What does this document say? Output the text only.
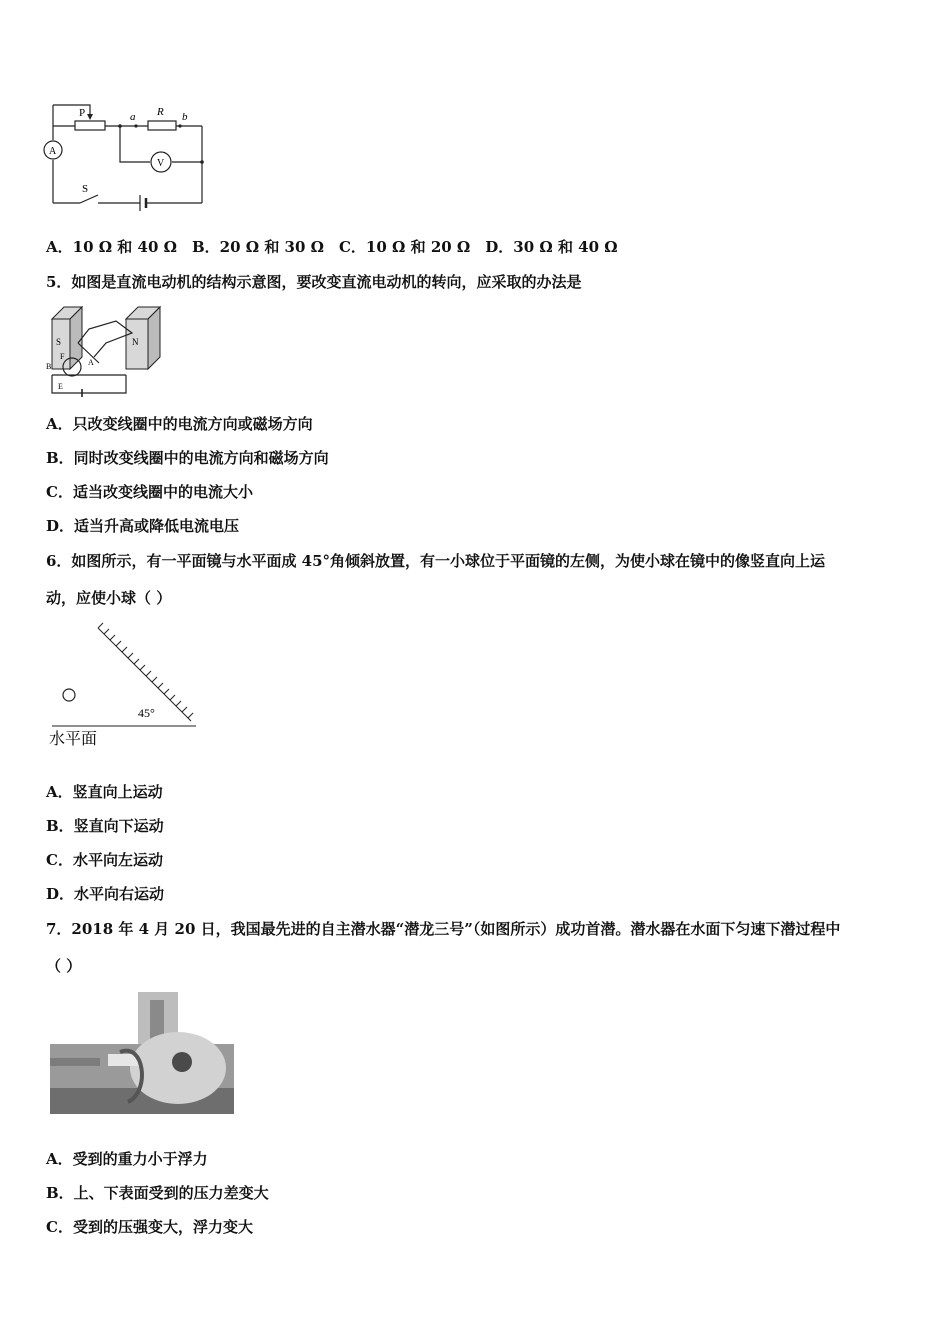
P	a R b
S
A
V
A．10 Ω 和 40 Ω　B．20 Ω 和 30 Ω　C．10 Ω 和 20 Ω　D．30 Ω 和 40 Ω
5．如图是直流电动机的结构示意图，要改变直流电动机的转向，应采取的办法是
S	N
B
F
E
A
A．只改变线圈中的电流方向或磁场方向
B．同时改变线圈中的电流方向和磁场方向
C．适当改变线圈中的电流大小
D．适当升高或降低电流电压
6．如图所示，有一平面镜与水平面成 45°角倾斜放置，有一小球位于平面镜的左侧，为使小球在镜中的像竖直向上运
动，应使小球（ ）
45°
水平面
A．竖直向上运动
B．竖直向下运动
C．水平向左运动
D．水平向右运动
7．2018 年 4 月 20 日，我国最先进的自主潜水器“潜龙三号”（如图所示）成功首潜。潜水器在水面下匀速下潜过程中
（ ）
A．受到的重力小于浮力
B．上、下表面受到的压力差变大
C．受到的压强变大，浮力变大
